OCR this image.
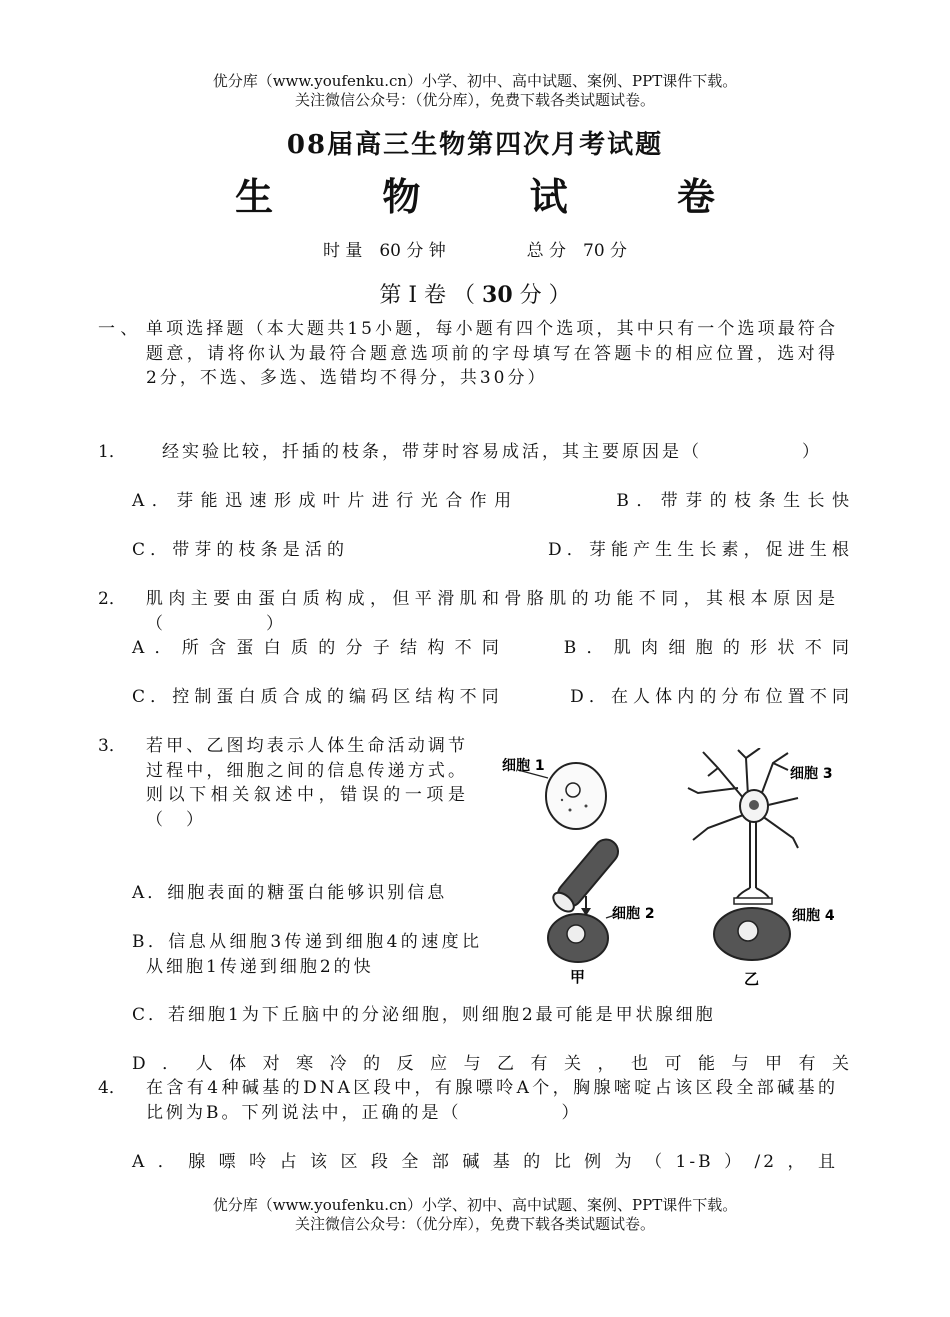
优分库（www.youfenku.cn）小学、初中、高中试题、案例、PPT课件下载。
关注微信公众号：（优分库），免费下载各类试题试卷。
08届高三生物第四次月考试题
生 物 试 卷
时 量　60 分 钟	总 分　70 分
第 Ⅰ 卷 （ 30 分 ）
一 、 单项选择题（本大题共15小题，每小题有四个选项，其中只有一个选项最符合题意，请将你认为最符合题意选项前的字母填写在答题卡的相应位置，选对得2分，不选、多选、选错均不得分，共30分）
1．	经实验比较，扦插的枝条，带芽时容易成活，其主要原因是（　　　　　）
A．芽能迅速形成叶片进行光合作用　　　　B．带芽的枝条生长快
C．带芽的枝条是活的　　　　　　　　　D．芽能产生生长素，促进生根
2． 肌肉主要由蛋白质构成，但平滑肌和骨胳肌的功能不同，其根本原因是（　　　　　）
A．所含蛋白质的分子结构不同　　B．肌肉细胞的形状不同
C．控制蛋白质合成的编码区结构不同　　　D．在人体内的分布位置不同
3． 若甲、乙图均表示人体生命活动调节过程中，细胞之间的信息传递方式。则以下相关叙述中，错误的一项是（　）
A．细胞表面的糖蛋白能够识别信息
B．信息从细胞3传递到细胞4的速度比从细胞1传递到细胞2的快
C．若细胞1为下丘脑中的分泌细胞，则细胞2最可能是甲状腺细胞
D．人体对寒冷的反应与乙有关，也可能与甲有关
细胞 1
细胞 2
甲
细胞 3
细胞 4
乙
4． 在含有4种碱基的DNA区段中，有腺嘌呤A个，胸腺嘧啶占该区段全部碱基的比例为B。下列说法中，正确的是（　　　　　）
A．腺嘌呤占该区段全部碱基的比例为（1-B）/2，且
优分库（www.youfenku.cn）小学、初中、高中试题、案例、PPT课件下载。
关注微信公众号：（优分库），免费下载各类试题试卷。
